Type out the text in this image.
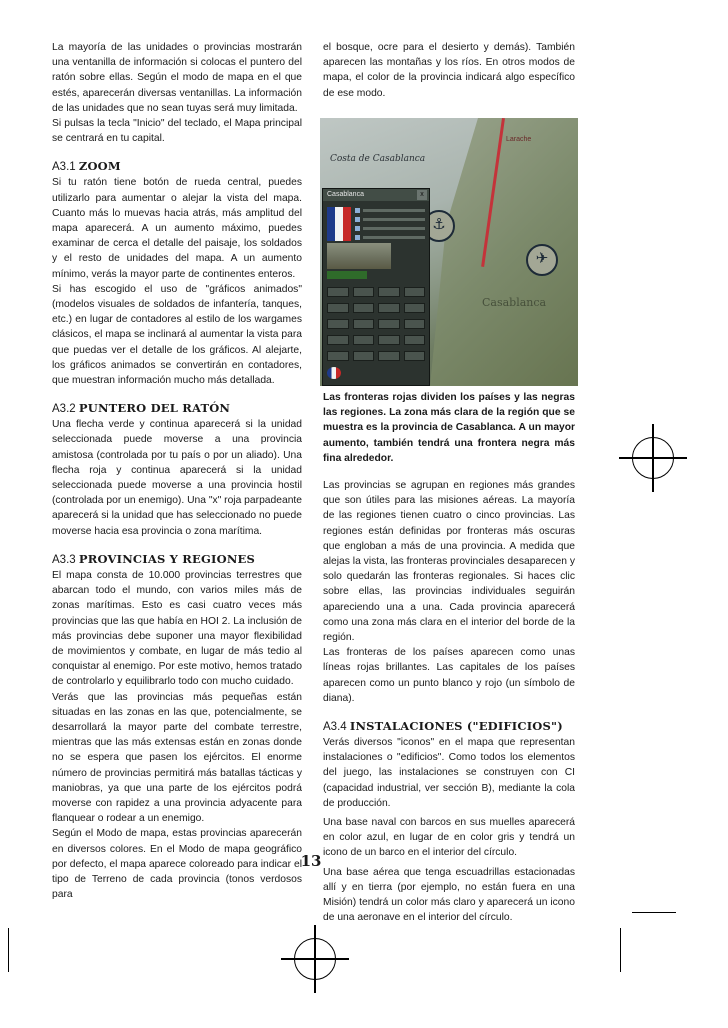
La mayoría de las unidades o provincias mostrarán una ventanilla de información si colocas el puntero del ratón sobre ellas. Según el modo de mapa en el que estés, aparecerán diversas ventanillas. La información de las unidades que no sean tuyas será muy limitada.

Si pulsas la tecla "Inicio" del teclado, el Mapa principal se centrará en tu capital.

A3.1 ZOOM

Si tu ratón tiene botón de rueda central, puedes utilizarlo para aumentar o alejar la vista del mapa. Cuanto más lo muevas hacia atrás, más amplitud del mapa aparecerá. A un aumento máximo, puedes examinar de cerca el detalle del paisaje, los soldados y el resto de unidades del mapa. A un aumento mínimo, verás la mayor parte de continentes enteros.

Si has escogido el uso de "gráficos animados" (modelos visuales de soldados de infantería, tanques, etc.) en lugar de contadores al estilo de los wargames clásicos, el mapa se inclinará al aumentar la vista para que puedas ver el detalle de los gráficos. Al alejarte, los gráficos animados se convertirán en contadores, que muestran información mucho más detallada.

A3.2 PUNTERO DEL RATÓN

Una flecha verde y continua aparecerá si la unidad seleccionada puede moverse a una provincia amistosa (controlada por tu país o por un aliado). Una flecha roja y continua aparecerá si la unidad seleccionada puede moverse a una provincia hostil (controlada por un enemigo). Una "x" roja parpadeante aparecerá si la unidad que has seleccionado no puede moverse hacia esa provincia o zona marítima.

A3.3 PROVINCIAS Y REGIONES

El mapa consta de 10.000 provincias terrestres que abarcan todo el mundo, con varios miles más de zonas marítimas. Esto es casi cuatro veces más provincias que las que había en HOI 2. La inclusión de más provincias debe suponer una mayor flexibilidad de movimientos y combate, en lugar de más tedio al conquistar al enemigo. Por este motivo, hemos tratado de controlarlo y equilibrarlo todo con mucho cuidado.

Verás que las provincias más pequeñas están situadas en las zonas en las que, potencialmente, se desarrollará la mayor parte del combate terrestre, mientras que las más extensas están en zonas donde no se espera que pasen los ejércitos. El enorme número de provincias permitirá más batallas tácticas y maniobras, ya que una parte de los ejércitos podrá moverse con rapidez a una provincia adyacente para flanquear o rodear a un enemigo.

Según el Modo de mapa, estas provincias aparecerán en diversos colores. En el Modo de mapa geográfico por defecto, el mapa aparece coloreado para indicar el tipo de Terreno de cada provincia (tonos verdosos para

el bosque, ocre para el desierto y demás). También aparecen las montañas y los ríos. En otros modos de mapa, el color de la provincia indicará algo específico de ese modo.

Larache
Costa de Casablanca
Casablanca
⚓
✈
Casablanca	x

Las fronteras rojas dividen los países y las negras las regiones. La zona más clara de la región que se muestra es la provincia de Casablanca. A un mayor aumento, también tendrá una frontera negra más fina alrededor.

Las provincias se agrupan en regiones más grandes que son útiles para las misiones aéreas. La mayoría de las regiones tienen cuatro o cinco provincias. Las regiones están definidas por fronteras más oscuras que engloban a más de una provincia. A medida que alejas la vista, las fronteras provinciales desaparecen y solo quedarán las fronteras regionales. Si haces clic sobre ellas, las provincias individuales seguirán apareciendo una a una. Cada provincia aparecerá como una zona más clara en el interior del borde de la región.

Las fronteras de los países aparecen como unas líneas rojas brillantes. Las capitales de los países aparecen como un punto blanco y rojo (un símbolo de diana).

A3.4 INSTALACIONES ("EDIFICIOS")

Verás diversos "iconos" en el mapa que representan instalaciones o "edificios". Como todos los elementos del juego, las instalaciones se construyen con CI (capacidad industrial, ver sección B), mediante la cola de producción.

Una base naval con barcos en sus muelles aparecerá en color azul, en lugar de en color gris y tendrá un icono de un barco en el interior del círculo.

Una base aérea que tenga escuadrillas estacionadas allí y en tierra (por ejemplo, no están fuera en una Misión) tendrá un color más claro y aparecerá un icono de una aeronave en el interior del círculo.

13
